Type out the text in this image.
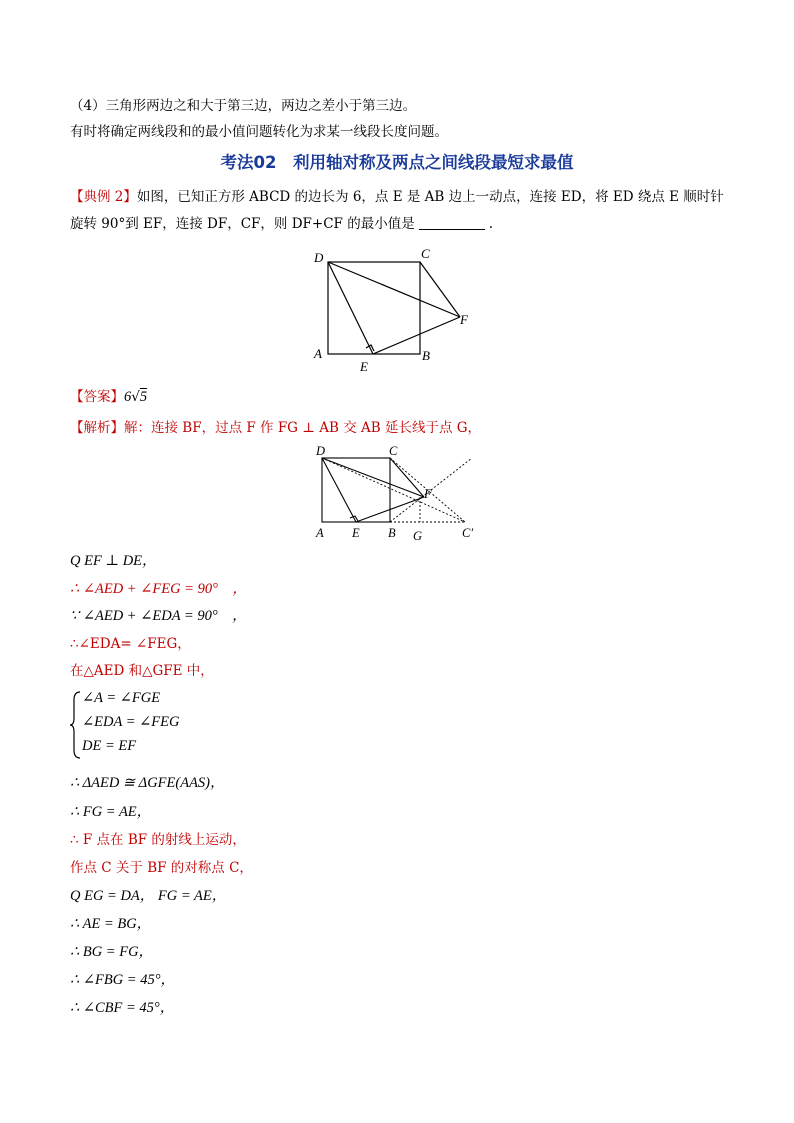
（4）三角形两边之和大于第三边，两边之差小于第三边。
有时将确定两线段和的最小值问题转化为求某一线段长度问题。
考法02　利用轴对称及两点之间线段最短求最值
【典例 2】如图，已知正方形 ABCD 的边长为 6，点 E 是 AB 边上一动点，连接 ED，将 ED 绕点 E 顺时针
旋转 90°到 EF，连接 DF，CF，则 DF+CF 的最小值是	.
D	C
F
A
E
B
【答案】6√5
【解析】解：连接 BF，过点 F 作 FG ⊥ AB 交 AB 延长线于点 G，
D	C
F
A E B G	C′
Q EF ⊥ DE，
∴ ∠AED + ∠FEG = 90°　，
∵ ∠AED + ∠EDA = 90°　，
∴∠EDA= ∠FEG，
在△AED 和△GFE 中，
∠A = ∠FGE
∠EDA = ∠FEG
DE = EF
∴ ΔAED ≅ ΔGFE(AAS)，
∴ FG = AE，
∴ F 点在 BF 的射线上运动，
作点 C 关于 BF 的对称点 C，
Q EG = DA， FG = AE，
∴ AE = BG，
∴ BG = FG，
∴ ∠FBG = 45°，
∴ ∠CBF = 45°，
